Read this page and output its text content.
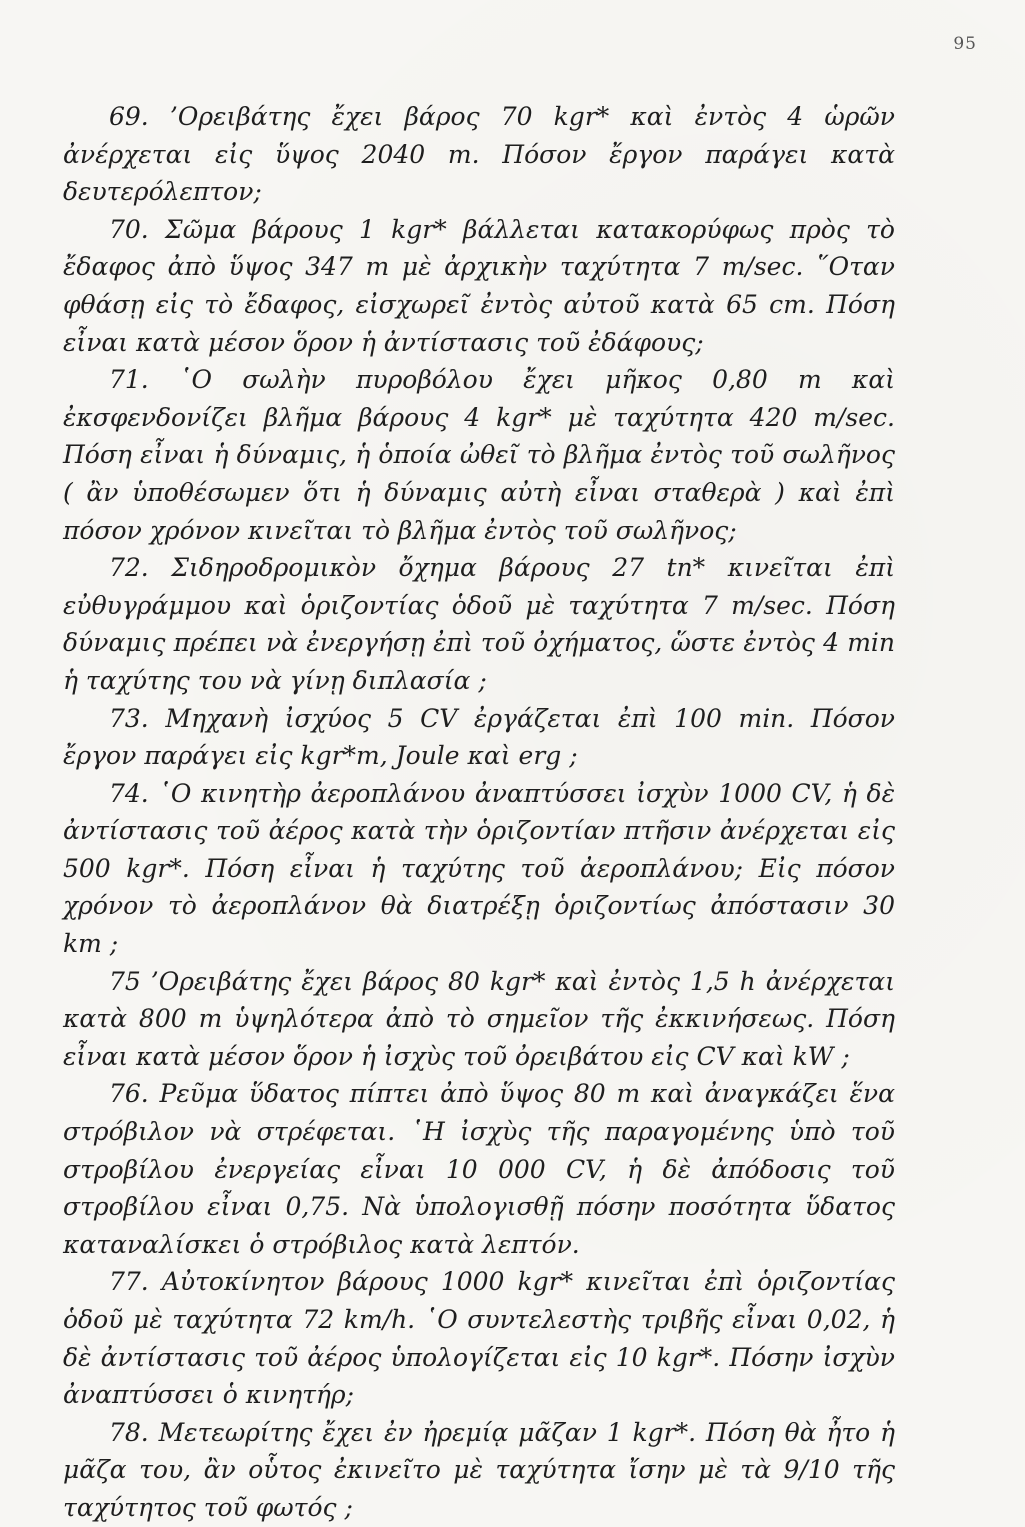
95

69. ’Ορειβάτης ἔχει βάρος 70 kgr* καὶ ἐντὸς 4 ὡρῶν ἀνέρχεται εἰς ὕψος 2040 m. Πόσον ἔργον παράγει κατὰ δευτερόλεπτον;

70. Σῶμα βάρους 1 kgr* βάλλεται κατακορύφως πρὸς τὸ ἔδαφος ἀπὸ ὕψος 347 m μὲ ἀρχικὴν ταχύτητα 7 m/sec. ῞Οταν φθάσῃ εἰς τὸ ἔδαφος, εἰσχωρεῖ ἐντὸς αὐτοῦ κατὰ 65 cm. Πόση εἶναι κατὰ μέσον ὅρον ἡ ἀντίστασις τοῦ ἐδάφους;

71. ῾Ο σωλὴν πυροβόλου ἔχει μῆκος 0,80 m καὶ ἐκσφενδονίζει βλῆμα βάρους 4 kgr* μὲ ταχύτητα 420 m/sec. Πόση εἶναι ἡ δύναμις, ἡ ὁποία ὠθεῖ τὸ βλῆμα ἐντὸς τοῦ σωλῆνος ( ἂν ὑποθέσωμεν ὅτι ἡ δύναμις αὐτὴ εἶναι σταθερὰ ) καὶ ἐπὶ πόσον χρόνον κινεῖται τὸ βλῆμα ἐντὸς τοῦ σωλῆνος;

72. Σιδηροδρομικὸν ὄχημα βάρους 27 tn* κινεῖται ἐπὶ εὐθυγράμμου καὶ ὁριζοντίας ὁδοῦ μὲ ταχύτητα 7 m/sec. Πόση δύναμις πρέπει νὰ ἐνεργήσῃ ἐπὶ τοῦ ὀχήματος, ὥστε ἐντὸς 4 min ἡ ταχύτης του νὰ γίνῃ διπλασία ;

73. Μηχανὴ ἰσχύος 5 CV ἐργάζεται ἐπὶ 100 min. Πόσον ἔργον παράγει εἰς kgr*m, Joule καὶ erg ;

74. ῾Ο κινητὴρ ἀεροπλάνου ἀναπτύσσει ἰσχὺν 1000 CV, ἡ δὲ ἀντίστασις τοῦ ἀέρος κατὰ τὴν ὁριζοντίαν πτῆσιν ἀνέρχεται εἰς 500 kgr*. Πόση εἶναι ἡ ταχύτης τοῦ ἀεροπλάνου; Εἰς πόσον χρόνον τὸ ἀεροπλάνον θὰ διατρέξῃ ὁριζοντίως ἀπόστασιν 30 km ;

75 ’Ορειβάτης ἔχει βάρος 80 kgr* καὶ ἐντὸς 1,5 h ἀνέρχεται κατὰ 800 m ὑψηλότερα ἀπὸ τὸ σημεῖον τῆς ἐκκινήσεως. Πόση εἶναι κατὰ μέσον ὅρον ἡ ἰσχὺς τοῦ ὀρειβάτου εἰς CV καὶ kW ;

76. Ρεῦμα ὕδατος πίπτει ἀπὸ ὕψος 80 m καὶ ἀναγκάζει ἕνα στρόβιλον νὰ στρέφεται. ῾Η ἰσχὺς τῆς παραγομένης ὑπὸ τοῦ στροβίλου ἐνεργείας εἶναι 10 000 CV, ἡ δὲ ἀπόδοσις τοῦ στροβίλου εἶναι 0,75. Νὰ ὑπολογισθῇ πόσην ποσότητα ὕδατος καταναλίσκει ὁ στρόβιλος κατὰ λεπτόν.

77. Αὐτοκίνητον βάρους 1000 kgr* κινεῖται ἐπὶ ὁριζοντίας ὁδοῦ μὲ ταχύτητα 72 km/h. ῾Ο συντελεστὴς τριβῆς εἶναι 0,02, ἡ δὲ ἀντίστασις τοῦ ἀέρος ὑπολογίζεται εἰς 10 kgr*. Πόσην ἰσχὺν ἀναπτύσσει ὁ κινητήρ;

78. Μετεωρίτης ἔχει ἐν ἠρεμίᾳ μᾶζαν 1 kgr*. Πόση θὰ ἦτο ἡ μᾶζα του, ἂν οὗτος ἐκινεῖτο μὲ ταχύτητα ἴσην μὲ τὰ 9/10 τῆς ταχύτητος τοῦ φωτός ;
